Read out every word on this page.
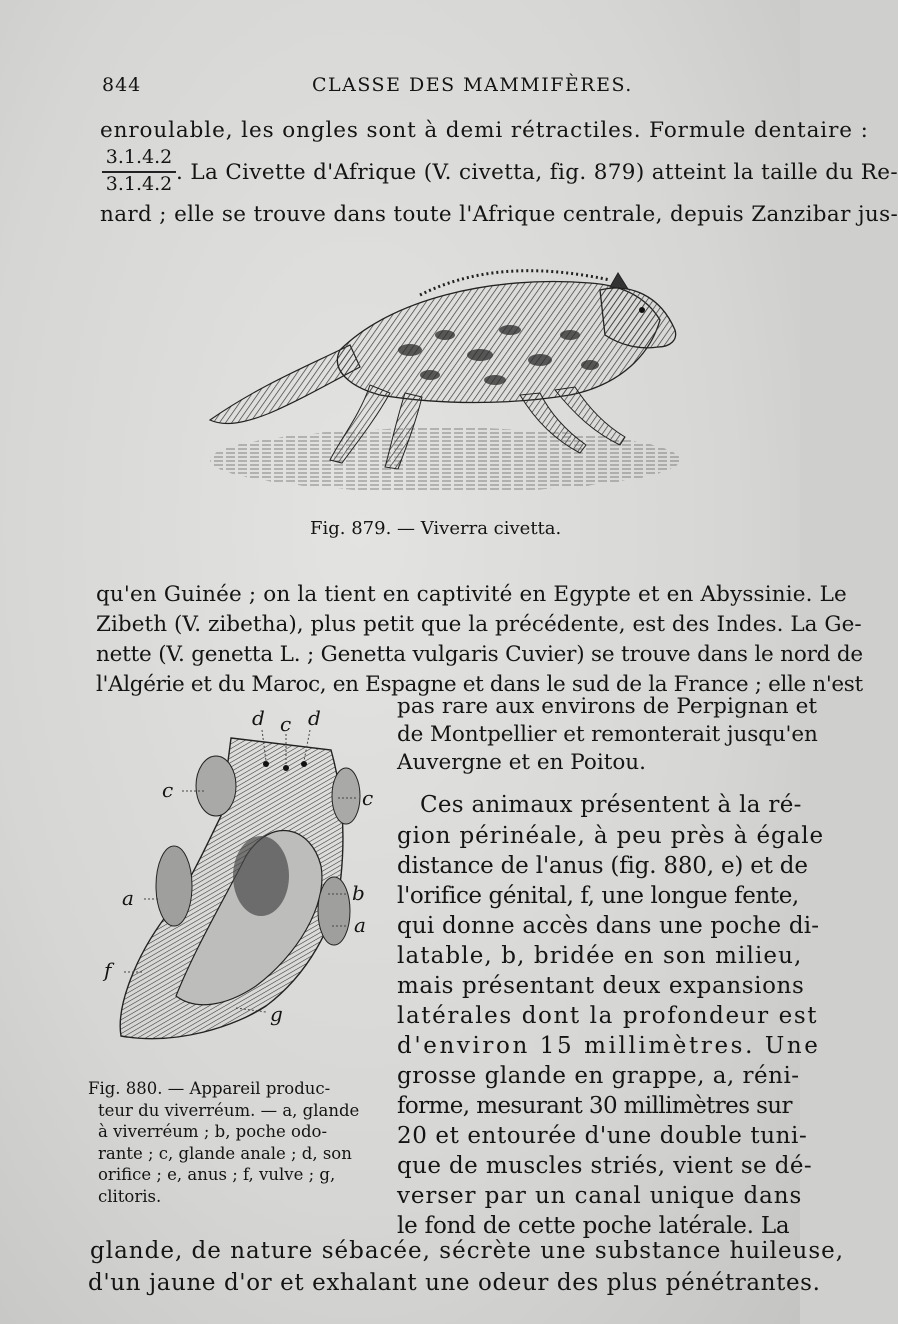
844	CLASSE DES MAMMIFÈRES.
enroulable, les ongles sont à demi rétractiles. Formule dentaire :
3.1.4.2
3.1.4.2 . La Civette d'Afrique (V. civetta, fig. 879) atteint la taille du Re-
nard ; elle se trouve dans toute l'Afrique centrale, depuis Zanzibar jus-
Fig. 879. — Viverra civetta.
qu'en Guinée ; on la tient en captivité en Egypte et en Abyssinie. Le
Zibeth (V. zibetha), plus petit que la précédente, est des Indes. La Ge-
nette (V. genetta L. ; Genetta vulgaris Cuvier) se trouve dans le nord de
l'Algérie et du Maroc, en Espagne et dans le sud de la France ; elle n'est
d c d
c	c
a	b
a
f
g
Fig. 880. — Appareil produc-
teur du viverréum. — a, glande
à viverréum ; b, poche odo-
rante ; c, glande anale ; d, son
orifice ; e, anus ; f, vulve ; g,
clitoris.
pas rare aux environs de Perpignan et
de Montpellier et remonterait jusqu'en
Auvergne et en Poitou.
Ces animaux présentent à la ré-
gion périnéale, à peu près à égale
distance de l'anus (fig. 880, e) et de
l'orifice génital, f, une longue fente,
qui donne accès dans une poche di-
latable, b, bridée en son milieu,
mais présentant deux expansions
latérales dont la profondeur est
d'environ 15 millimètres. Une
grosse glande en grappe, a, réni-
forme, mesurant 30 millimètres sur
20 et entourée d'une double tuni-
que de muscles striés, vient se dé-
verser par un canal unique dans
le fond de cette poche latérale. La
glande, de nature sébacée, sécrète une substance huileuse,
d'un jaune d'or et exhalant une odeur des plus pénétrantes.
